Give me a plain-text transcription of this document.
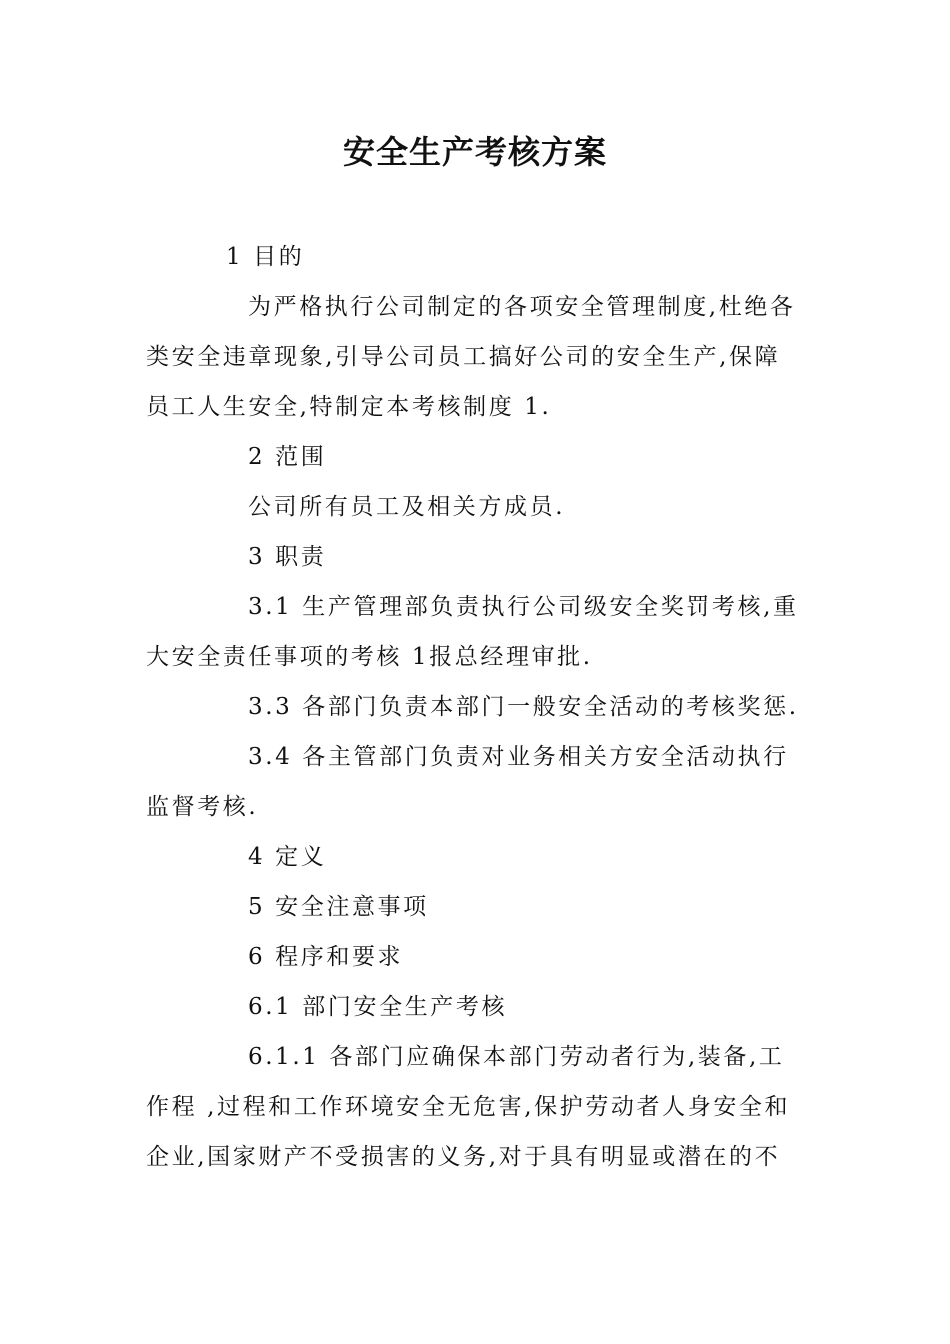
安全生产考核方案

1 目的

为严格执行公司制定的各项安全管理制度,杜绝各

类安全违章现象,引导公司员工搞好公司的安全生产,保障

员工人生安全,特制定本考核制度 1.

2 范围

公司所有员工及相关方成员.

3 职责

3.1 生产管理部负责执行公司级安全奖罚考核,重

大安全责任事项的考核 1报总经理审批.

3.3 各部门负责本部门一般安全活动的考核奖惩.

3.4 各主管部门负责对业务相关方安全活动执行

监督考核.

4 定义

5 安全注意事项

6 程序和要求

6.1 部门安全生产考核

6.1.1 各部门应确保本部门劳动者行为,装备,工

作程 ,过程和工作环境安全无危害,保护劳动者人身安全和

企业,国家财产不受损害的义务,对于具有明显或潜在的不
